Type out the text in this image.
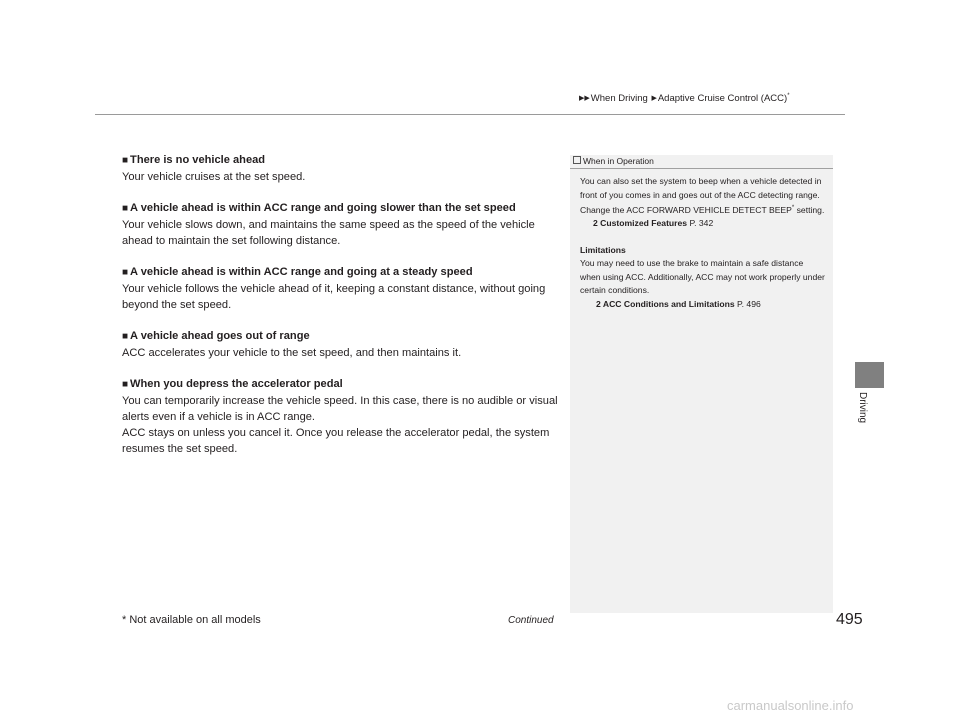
▶▶When Driving ▶Adaptive Cruise Control (ACC)*
■ There is no vehicle ahead

Your vehicle cruises at the set speed.

■ A vehicle ahead is within ACC range and going slower than the set speed

Your vehicle slows down, and maintains the same speed as the speed of the vehicle ahead to maintain the set following distance.

■ A vehicle ahead is within ACC range and going at a steady speed

Your vehicle follows the vehicle ahead of it, keeping a constant distance, without going beyond the set speed.

■ A vehicle ahead goes out of range

ACC accelerates your vehicle to the set speed, and then maintains it.

■ When you depress the accelerator pedal

You can temporarily increase the vehicle speed. In this case, there is no audible or visual alerts even if a vehicle is in ACC range.

ACC stays on unless you cancel it. Once you release the accelerator pedal, the system resumes the set speed.

When in Operation

You can also set the system to beep when a vehicle detected in front of you comes in and goes out of the ACC detecting range. Change the ACC FORWARD VEHICLE DETECT BEEP* setting.

2 Customized Features P. 342

Limitations

You may need to use the brake to maintain a safe distance when using ACC. Additionally, ACC may not work properly under certain conditions.

2 ACC Conditions and Limitations P. 496

Driving
* Not available on all models	Continued	495
carmanualsonline.info
